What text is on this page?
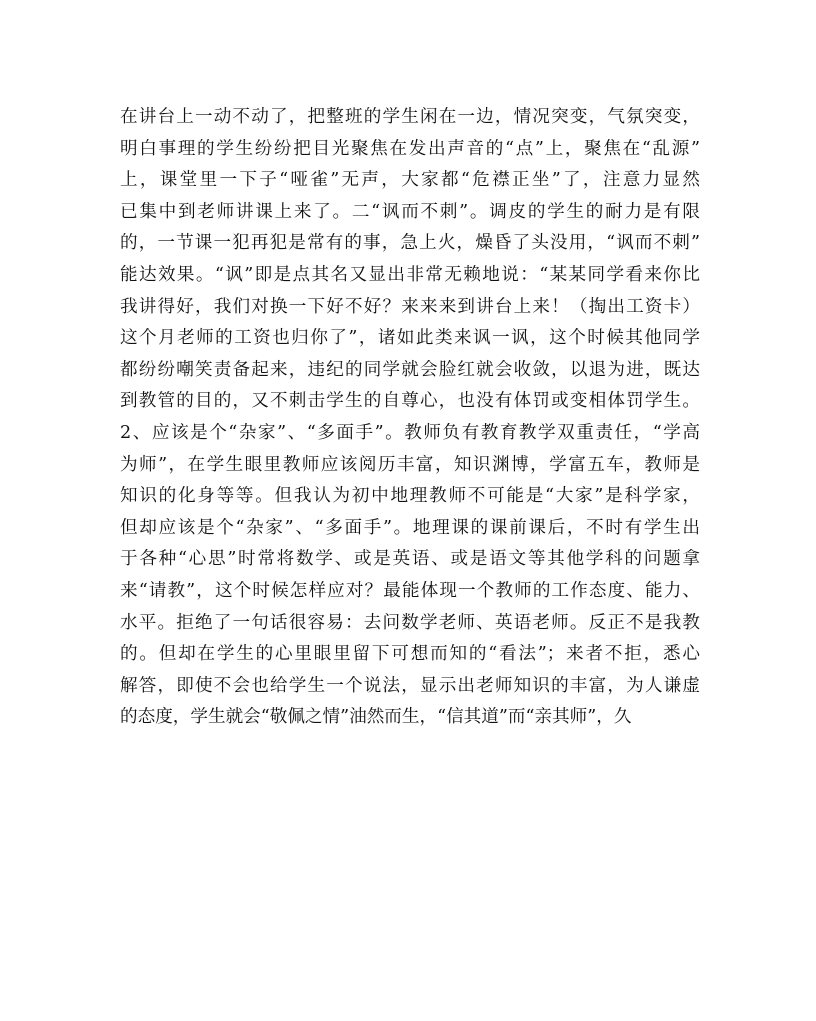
在讲台上一动不动了，把整班的学生闲在一边，情况突变，气氛突变，
明白事理的学生纷纷把目光聚焦在发出声音的“点”上，聚焦在“乱源”
上，课堂里一下子“哑雀”无声，大家都“危襟正坐”了，注意力显然
已集中到老师讲课上来了。二“讽而不刺”。调皮的学生的耐力是有限
的，一节课一犯再犯是常有的事，急上火，燥昏了头没用，“讽而不刺”
能达效果。“讽”即是点其名又显出非常无赖地说：“某某同学看来你比
我讲得好，我们对换一下好不好？来来来到讲台上来！（掏出工资卡）
这个月老师的工资也归你了”，诸如此类来讽一讽，这个时候其他同学
都纷纷嘲笑责备起来，违纪的同学就会脸红就会收敛，以退为进，既达
到教管的目的，又不刺击学生的自尊心，也没有体罚或变相体罚学生。
2、应该是个“杂家”、“多面手”。教师负有教育教学双重责任，“学高
为师”，在学生眼里教师应该阅历丰富，知识渊博，学富五车，教师是
知识的化身等等。但我认为初中地理教师不可能是“大家”是科学家，
但却应该是个“杂家”、“多面手”。地理课的课前课后，不时有学生出
于各种“心思”时常将数学、或是英语、或是语文等其他学科的问题拿
来“请教”，这个时候怎样应对？最能体现一个教师的工作态度、能力、
水平。拒绝了一句话很容易：去问数学老师、英语老师。反正不是我教
的。但却在学生的心里眼里留下可想而知的“看法”；来者不拒，悉心
解答，即使不会也给学生一个说法，显示出老师知识的丰富，为人谦虚
的态度，学生就会“敬佩之情”油然而生，“信其道”而“亲其师”，久
